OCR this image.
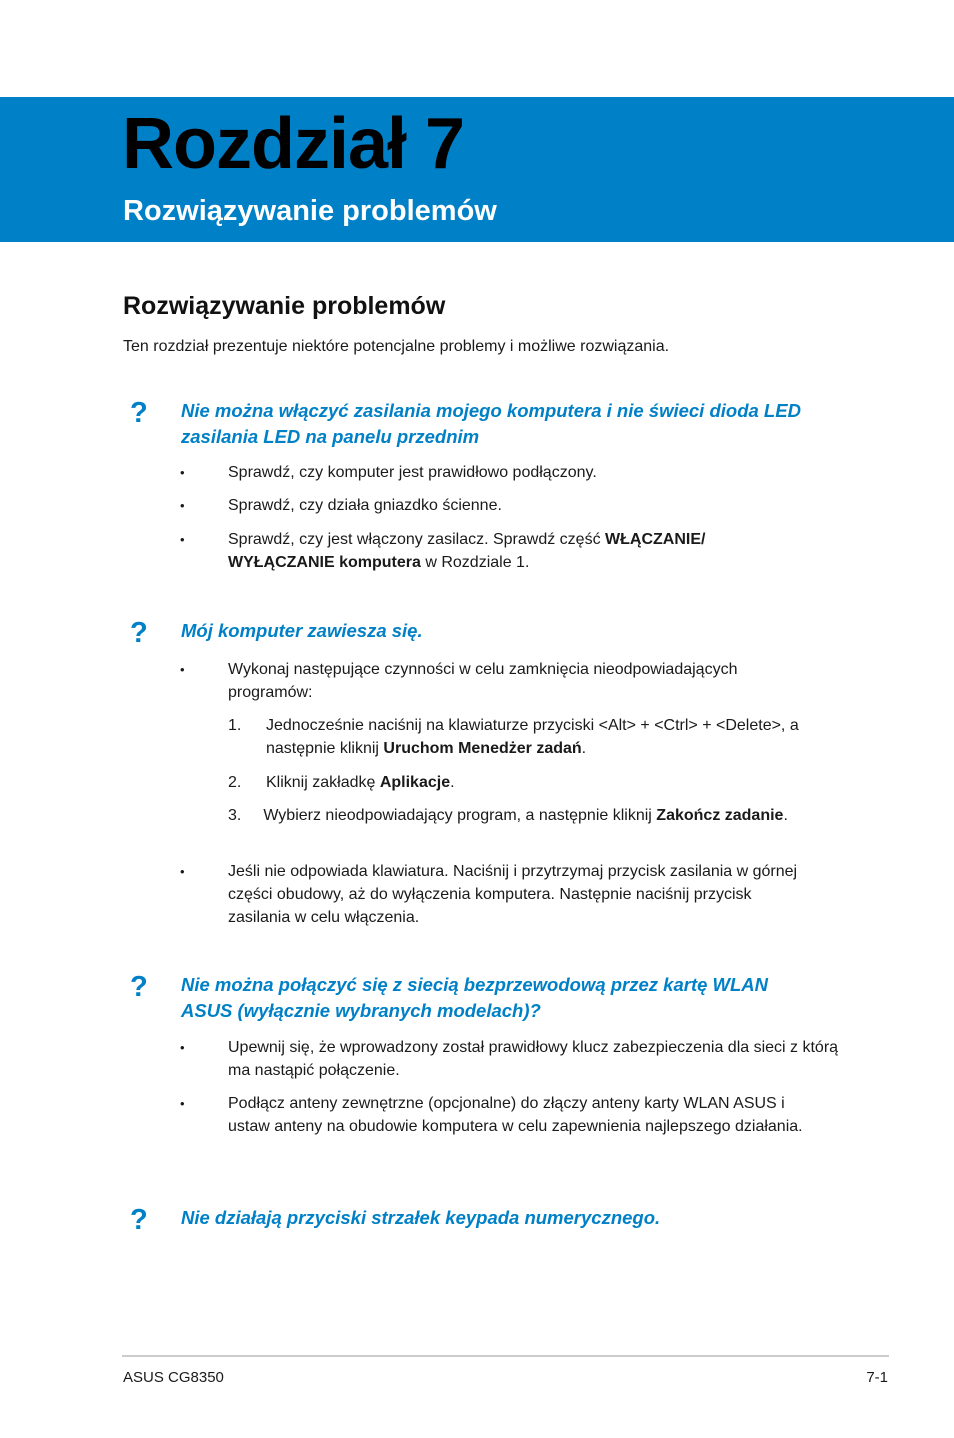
Rozdział 7
Rozwiązywanie problemów
Rozwiązywanie problemów
Ten rozdział prezentuje niektóre potencjalne problemy i możliwe rozwiązania.
? Nie można włączyć zasilania mojego komputera i nie świeci dioda LED zasilania LED na panelu przednim
•	Sprawdź, czy komputer jest prawidłowo podłączony.
•	Sprawdź, czy działa gniazdko ścienne.
•	Sprawdź, czy jest włączony zasilacz. Sprawdź część WŁĄCZANIE/ WYŁĄCZANIE komputera w Rozdziale 1.
? Mój komputer zawiesza się.
•	Wykonaj następujące czynności w celu zamknięcia nieodpowiadających programów:
1. Jednocześnie naciśnij na klawiaturze przyciski <Alt> + <Ctrl> + <Delete>, a następnie kliknij Uruchom Menedżer zadań.
2. Kliknij zakładkę Aplikacje.
3. Wybierz nieodpowiadający program, a następnie kliknij Zakończ zadanie.
•	Jeśli nie odpowiada klawiatura. Naciśnij i przytrzymaj przycisk zasilania w górnej części obudowy, aż do wyłączenia komputera. Następnie naciśnij przycisk zasilania w celu włączenia.
? Nie można połączyć się z siecią bezprzewodową przez kartę WLAN ASUS (wyłącznie wybranych modelach)?
•	Upewnij się, że wprowadzony został prawidłowy klucz zabezpieczenia dla sieci z którą ma nastąpić połączenie.
•	Podłącz anteny zewnętrzne (opcjonalne) do złączy anteny karty WLAN ASUS i ustaw anteny na obudowie komputera w celu zapewnienia najlepszego działania.
? Nie działają przyciski strzałek keypada numerycznego.
ASUS CG8350	7-1
